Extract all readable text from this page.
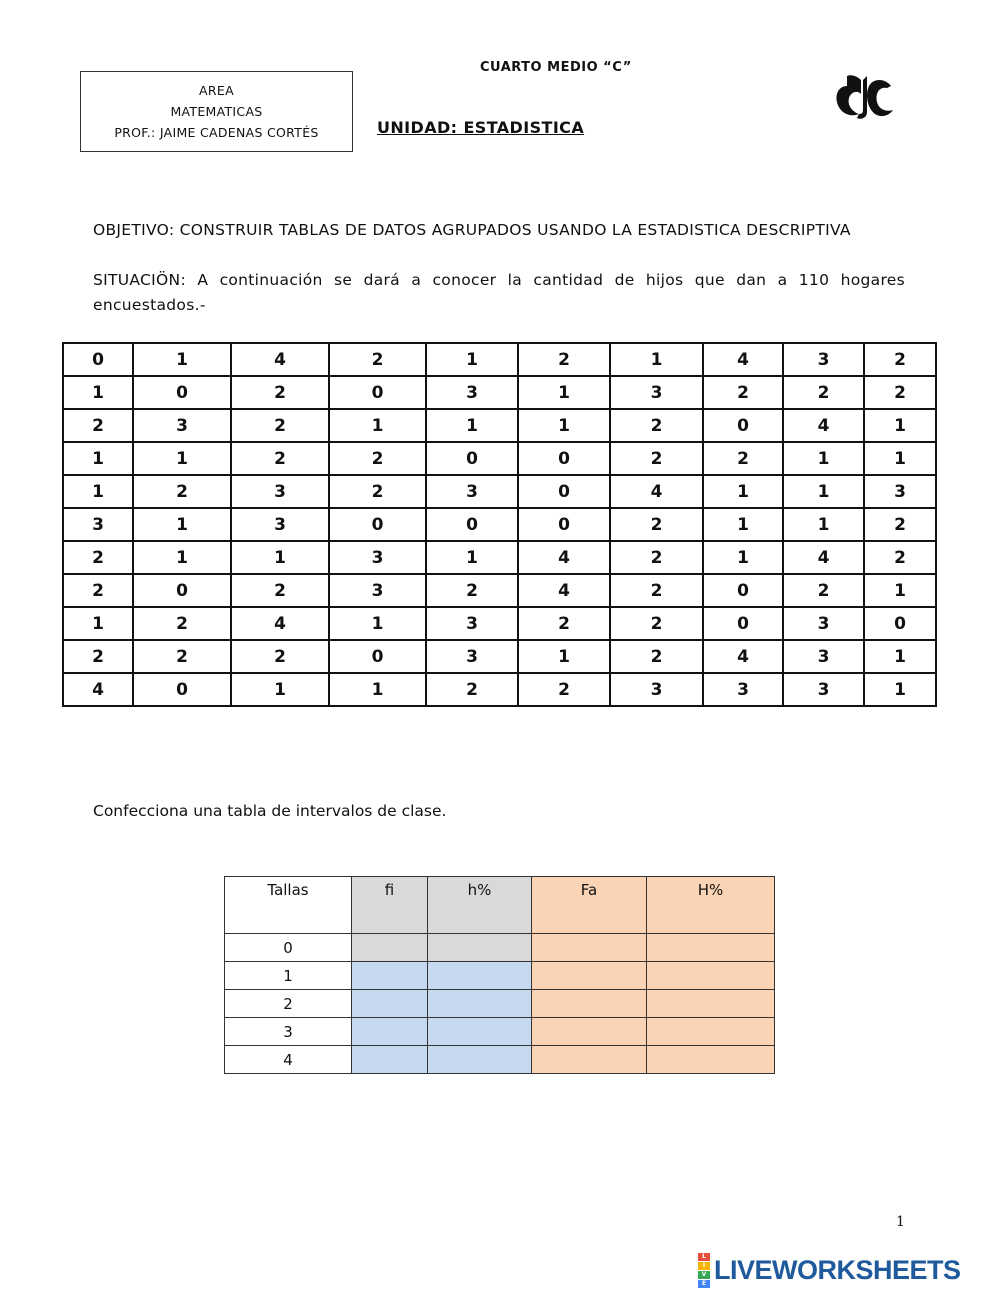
AREA
MATEMATICAS
PROF.: JAIME CADENAS CORTÉS
CUARTO MEDIO “C”
UNIDAD: ESTADISTICA
OBJETIVO: CONSTRUIR TABLAS DE DATOS AGRUPADOS USANDO LA ESTADISTICA DESCRIPTIVA
SITUACIÖN: A continuación se dará a conocer la cantidad de hijos que dan a 110 hogares encuestados.-
0	1	4	2	1	2	1	4	3	2
1	0	2	0	3	1	3	2	2	2
2	3	2	1	1	1	2	0	4	1
1	1	2	2	0	0	2	2	1	1
1	2	3	2	3	0	4	1	1	3
3	1	3	0	0	0	2	1	1	2
2	1	1	3	1	4	2	1	4	2
2	0	2	3	2	4	2	0	2	1
1	2	4	1	3	2	2	0	3	0
2	2	2	0	3	1	2	4	3	1
4	0	1	1	2	2	3	3	3	1
Confecciona una tabla de intervalos de clase.
Tallas	fi	h%	Fa	H%
0				
1				
2				
3				
4				
1
L
I
V
E LIVEWORKSHEETS
